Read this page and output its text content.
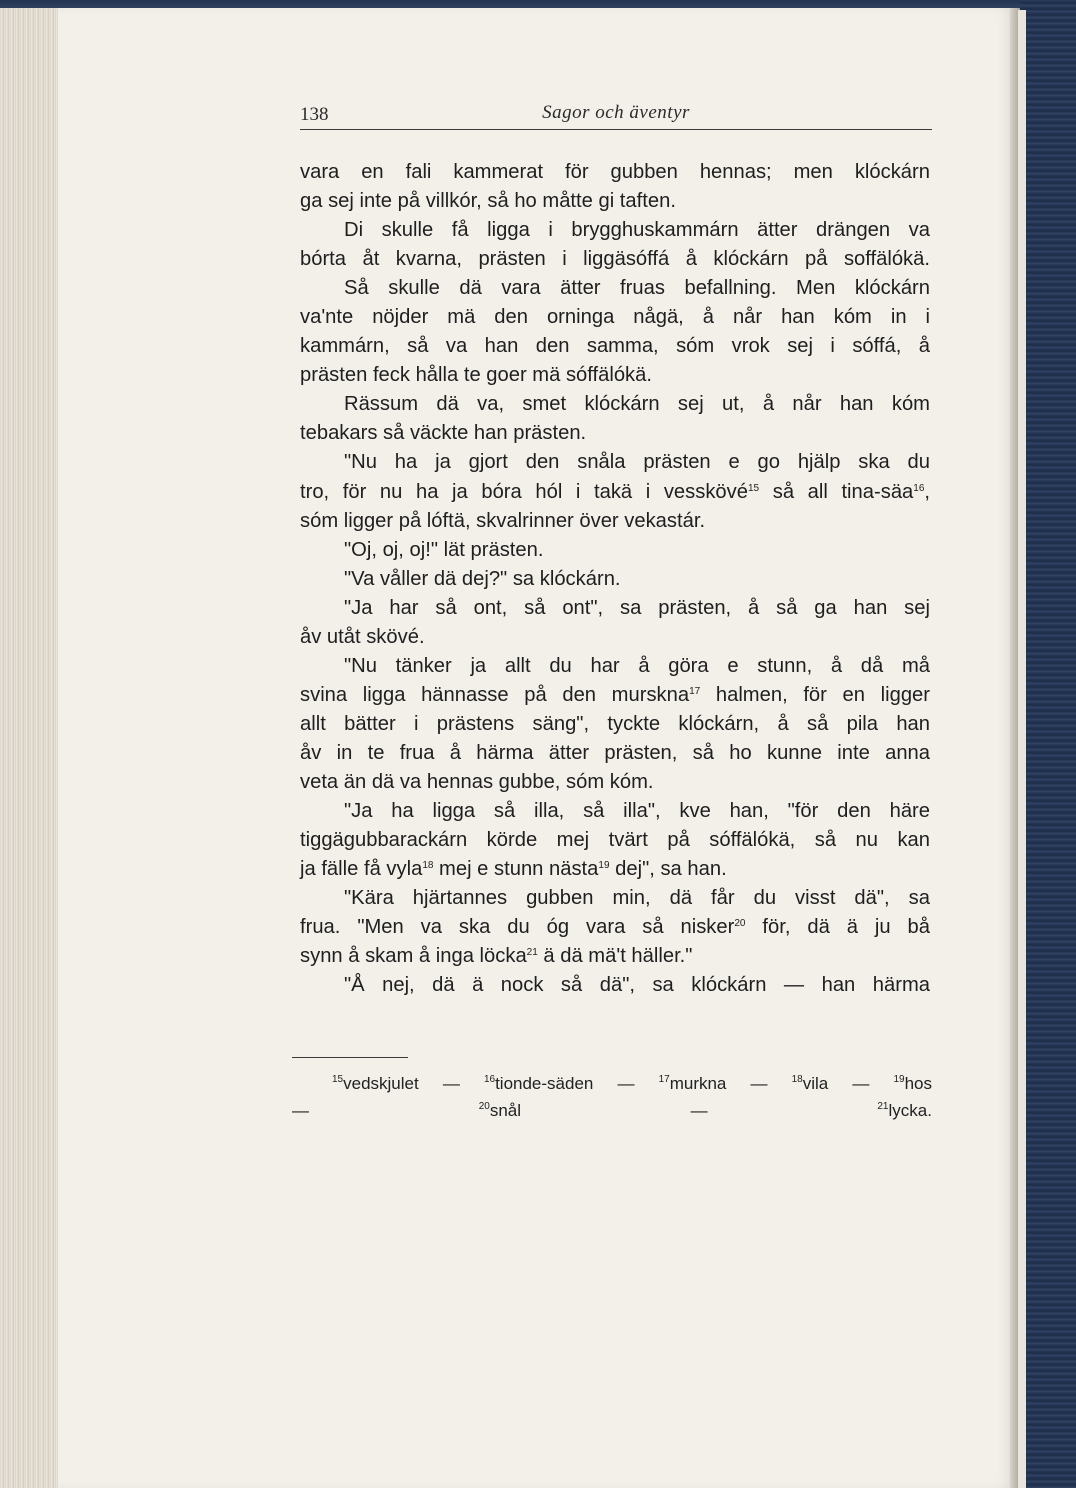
138	Sagor och äventyr

vara en fali kammerat för gubben hennas; men klóckárn
ga sej inte på villkór, så ho måtte gi taften.

Di skulle få ligga i brygghuskammárn ätter drängen va
bórta åt kvarna, prästen i liggäsóffá å klóckárn på soffälókä.

Så skulle dä vara ätter fruas befallning. Men klóckárn
va'nte nöjder mä den orninga någä, å når han kóm in i
kammárn, så va han den samma, sóm vrok sej i sóffá, å
prästen feck hålla te goer mä sóffälókä.

Rässum dä va, smet klóckárn sej ut, å når han kóm
tebakars så väckte han prästen.

"Nu ha ja gjort den snåla prästen e go hjälp ska du
tro, för nu ha ja bóra hól i takä i vesskövé$^{15}$ så all tina-säa$^{16}$,
sóm ligger på lóftä, skvalrinner över vekastár.

"Oj, oj, oj!" lät prästen.

"Va våller dä dej?" sa klóckárn.

"Ja har så ont, så ont", sa prästen, å så ga han sej
åv utåt skövé.

"Nu tänker ja allt du har å göra e stunn, å då må
svina ligga hännasse på den murskna$^{17}$ halmen, för en ligger
allt bätter i prästens säng", tyckte klóckárn, å så pila han
åv in te frua å härma ätter prästen, så ho kunne inte anna
veta än dä va hennas gubbe, sóm kóm.

"Ja ha ligga så illa, så illa", kve han, "för den häre
tiggägubbarackárn körde mej tvärt på sóffälókä, så nu kan
ja fälle få vyla$^{18}$ mej e stunn nästa$^{19}$ dej", sa han.

"Kära hjärtannes gubben min, dä får du visst dä", sa
frua. "Men va ska du óg vara så nisker$^{20}$ för, dä ä ju bå
synn å skam å inga löcka$^{21}$ ä dä mä't häller."

"Å nej, dä ä nock så dä", sa klóckárn — han härma

$^{15}$vedskjulet — $^{16}$tionde-säden — $^{17}$murkna — $^{18}$vila — $^{19}$hos
—	$^{20}$snål —	$^{21}$lycka.
